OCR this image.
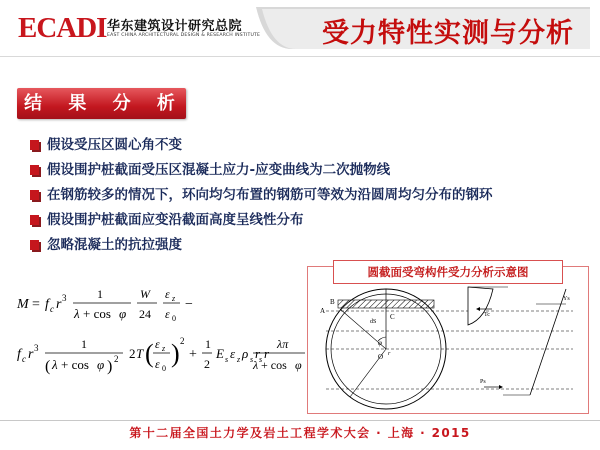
ECADI 华东建筑设计研究总院
EAST CHINA ARCHITECTURAL DESIGN & RESEARCH INSTITUTE 受力特性实测与分析
结 果 分 析
假设受压区圆心角不变
假设围护桩截面受压区混凝土应力-应变曲线为二次抛物线
在钢筋较多的情况下，环向均匀布置的钢筋可等效为沿圆周均匀分布的钢环
假设围护桩截面应变沿截面高度呈线性分布
忽略混凝土的抗拉强度
M = f c r 3	1
λ + cos φ
W
24
ε z
ε 0
−
f c r 3	1
( λ + cos φ ) 2 2 T ( ε z
ε 0
) 2
+
1
2
E s ε z ρ s r
s r
λπ
λ + cos φ
B
A
C
dS
φ
O r
Tc
Ps
Ys
圆截面受弯构件受力分析示意图
第十二届全国土力学及岩土工程学术大会 · 上海 · 2015
